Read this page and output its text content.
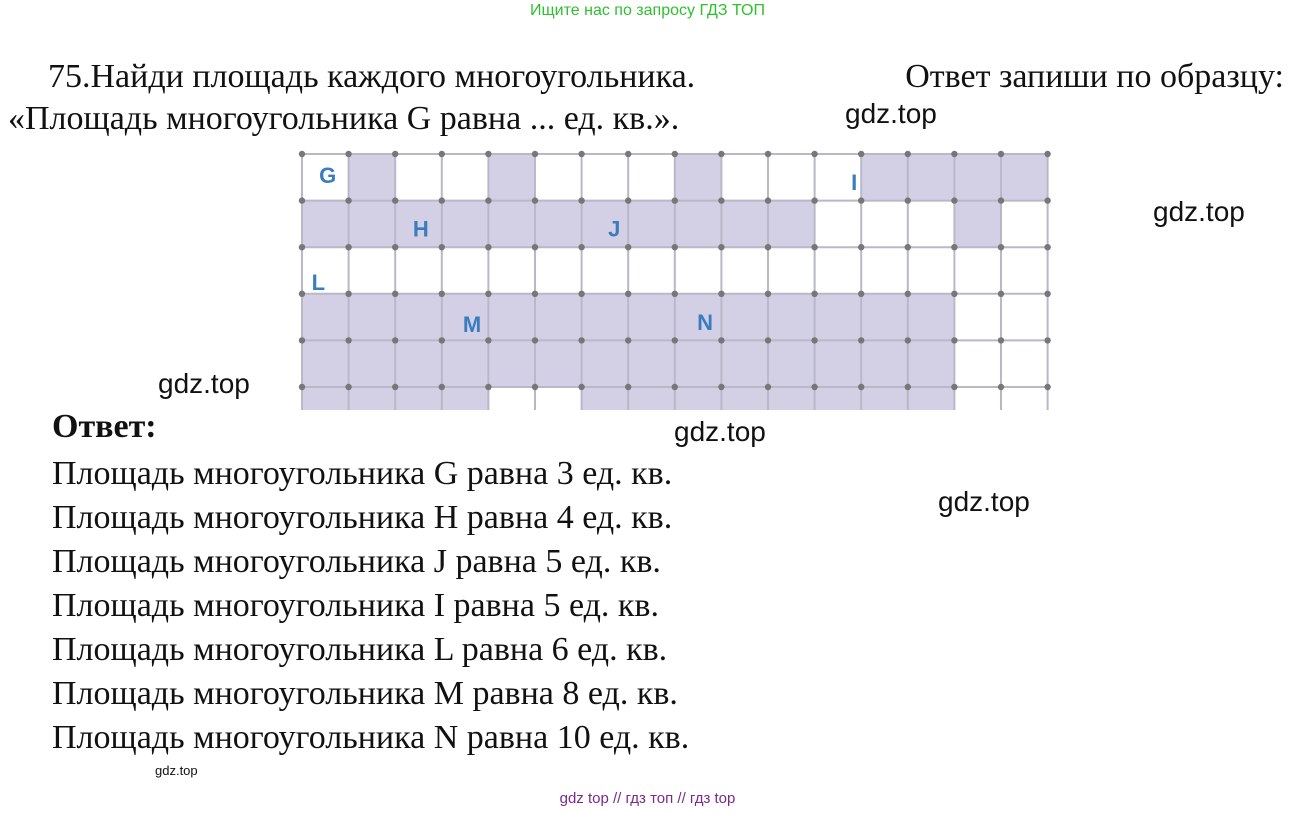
Ищите нас по запросу ГДЗ ТОП
75.Найди площадь каждого многоугольника.	Ответ запиши по образцу:
«Площадь многоугольника G равна ... ед. кв.».	gdz.top
gdz.top
gdz.top
gdz.top
gdz.top
gdz.top
G
H	J
I
L
M	N
Ответ:
Площадь многоугольника G равна 3 ед. кв.
Площадь многоугольника H равна 4 ед. кв.
Площадь многоугольника J равна 5 ед. кв.
Площадь многоугольника I равна 5 ед. кв.
Площадь многоугольника L равна 6 ед. кв.
Площадь многоугольника M равна 8 ед. кв.
Площадь многоугольника N равна 10 ед. кв.
gdz top // гдз топ // гдз top
